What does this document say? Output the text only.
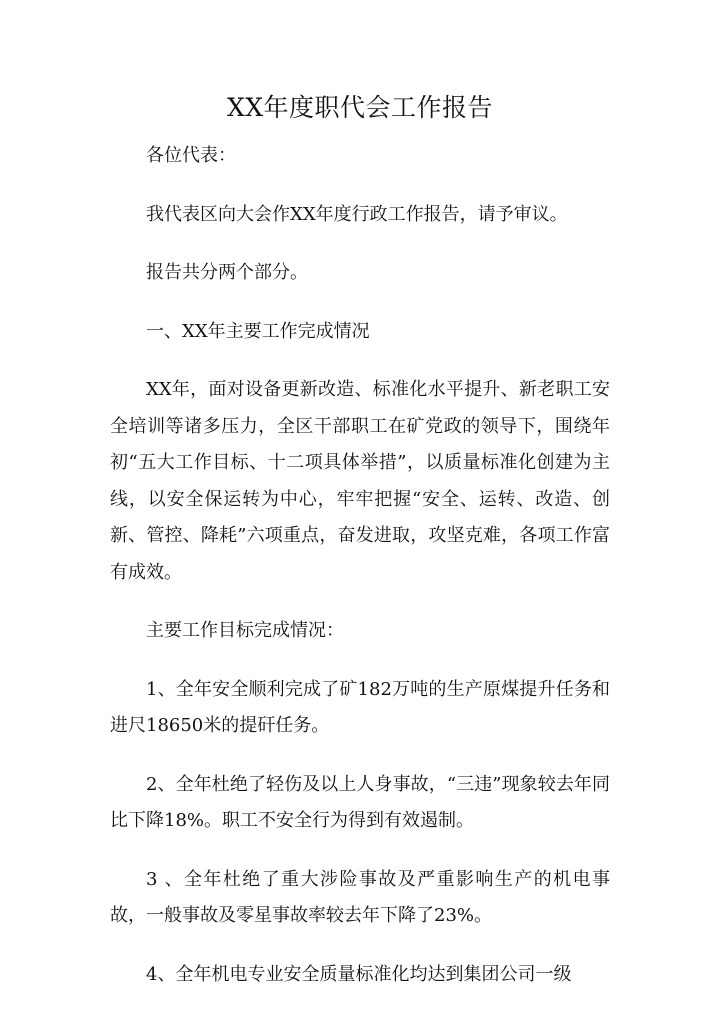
XX年度职代会工作报告

各位代表：

我代表区向大会作XX年度行政工作报告，请予审议。

报告共分两个部分。

一、XX年主要工作完成情况

XX年，面对设备更新改造、标准化水平提升、新老职工安全培训等诸多压力，全区干部职工在矿党政的领导下，围绕年初“五大工作目标、十二项具体举措”，以质量标准化创建为主线，以安全保运转为中心，牢牢把握“安全、运转、改造、创新、管控、降耗”六项重点，奋发进取，攻坚克难，各项工作富有成效。

主要工作目标完成情况：

1、全年安全顺利完成了矿182万吨的生产原煤提升任务和进尺18650米的提矸任务。

2、全年杜绝了轻伤及以上人身事故，“三违”现象较去年同比下降18%。职工不安全行为得到有效遏制。

3 、全年杜绝了重大涉险事故及严重影响生产的机电事故，一般事故及零星事故率较去年下降了23%。

4、全年机电专业安全质量标准化均达到集团公司一级
